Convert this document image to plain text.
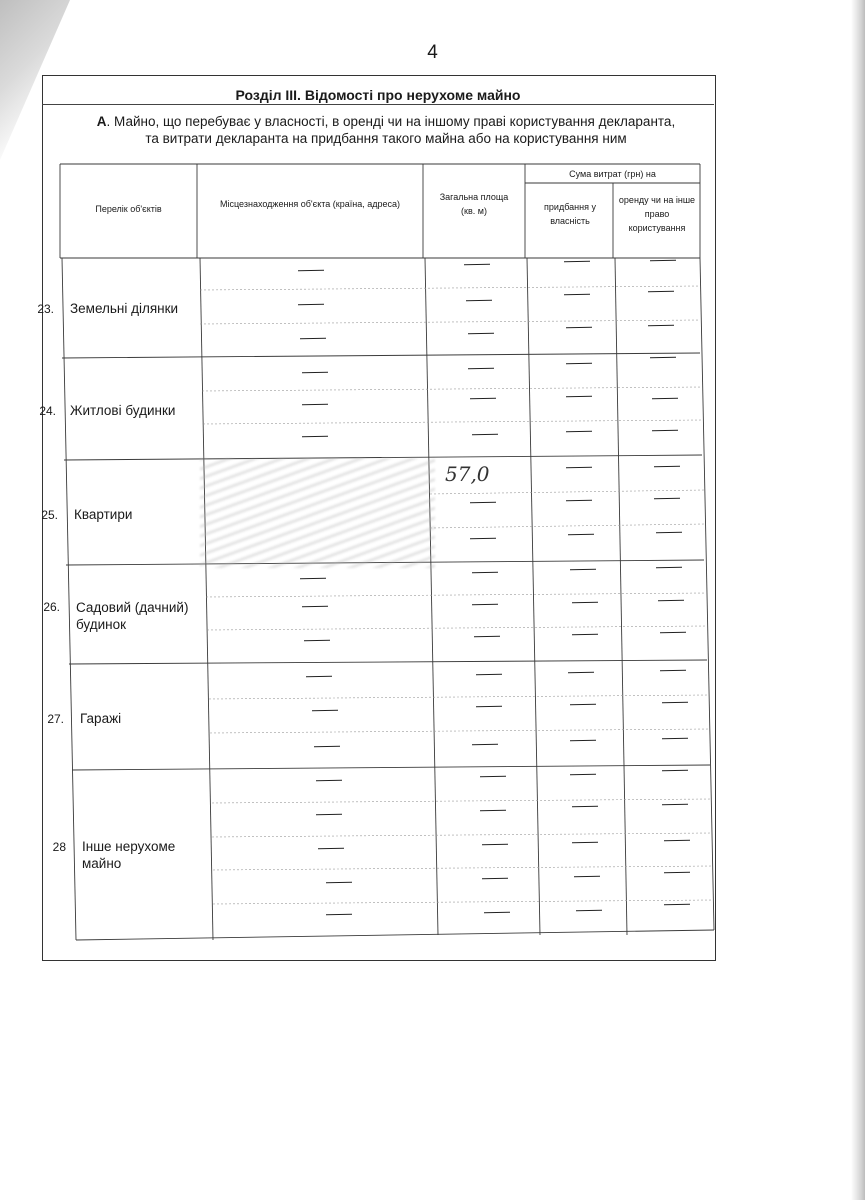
4
Розділ III. Відомості про нерухоме майно
А. Майно, що перебуває у власності, в оренді чи на іншому праві користування декларанта,
та витрати декларанта на придбання такого майна або на користування ним
Перелік об'єктів	Місцезнаходження об'єкта (країна, адреса)
Загальна площа (кв. м)
Сума витрат (грн) на
придбання у власність
оренду чи на інше право користування
23. Земельні ділянки
24. Житлові будинки
25. Квартири
26. Садовий (дачний) будинок
27. Гаражі
28 Інше нерухоме майно
57,0
